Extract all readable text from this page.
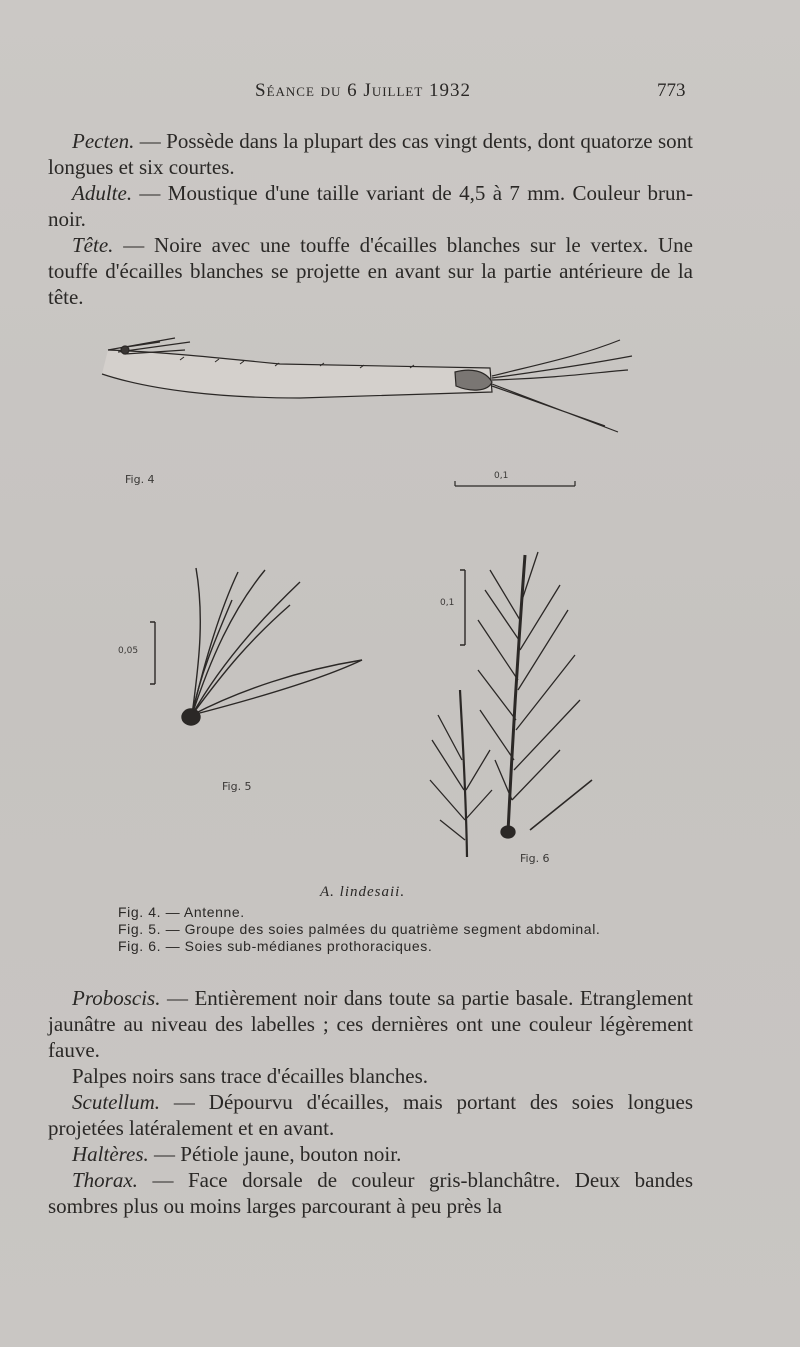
Séance du 6 Juillet 1932	773

Pecten. — Possède dans la plupart des cas vingt dents, dont quatorze sont longues et six courtes.

Adulte. — Moustique d'une taille variant de 4,5 à 7 mm. Couleur brun-noir.

Tête. — Noire avec une touffe d'écailles blanches sur le vertex. Une touffe d'écailles blanches se projette en avant sur la partie antérieure de la tête.

Fig. 4	0,1
0,05
Fig. 5
0,1
Fig. 6
A. lindesaii.
Fig. 4. — Antenne.
Fig. 5. — Groupe des soies palmées du quatrième segment abdominal.
Fig. 6. — Soies sub-médianes prothoraciques.

Proboscis. — Entièrement noir dans toute sa partie basale. Etranglement jaunâtre au niveau des labelles ; ces dernières ont une couleur légèrement fauve.

Palpes noirs sans trace d'écailles blanches.

Scutellum. — Dépourvu d'écailles, mais portant des soies longues projetées latéralement et en avant.

Haltères. — Pétiole jaune, bouton noir.

Thorax. — Face dorsale de couleur gris-blanchâtre. Deux bandes sombres plus ou moins larges parcourant à peu près la
